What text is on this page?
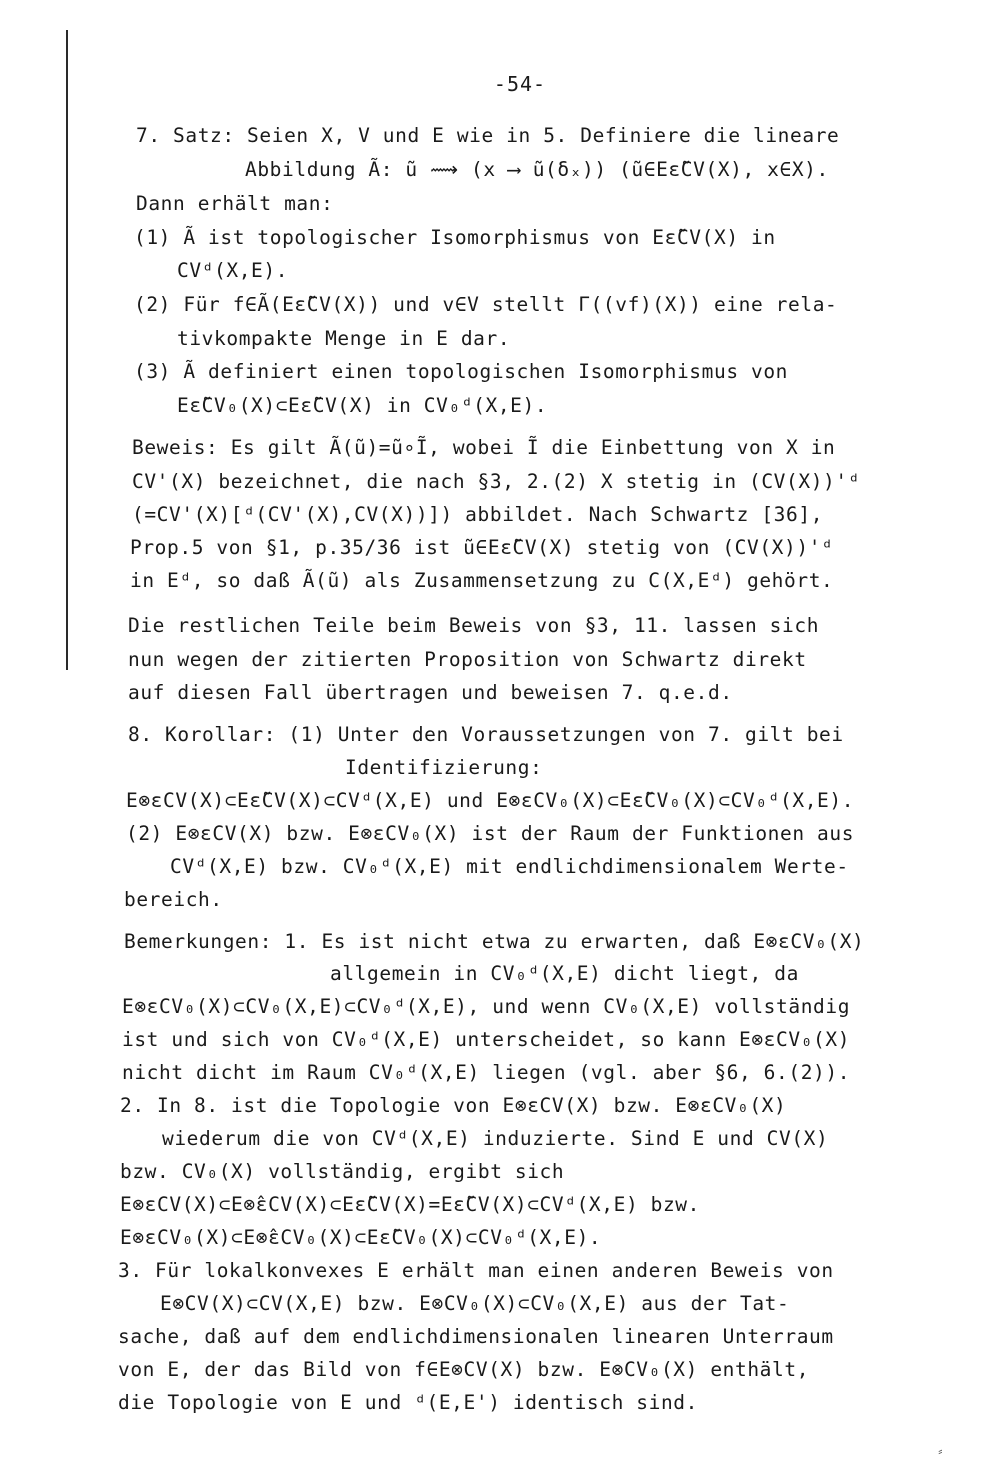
-54-
7. Satz: Seien X, V und E wie in 5. Definiere die lineare
Abbildung Ã: ũ ⟿ (x ⟶ ũ(δₓ)) (ũ∈Eε̃CV(X), x∈X).
Dann erhält man:
(1) Ã ist topologischer Isomorphismus von Eε̃CV(X) in
CVᵈ(X,E).
(2) Für f∈Ã(Eε̃CV(X)) und v∈V stellt Γ((vf)(X)) eine rela-
tivkompakte Menge in E dar.
(3) Ã definiert einen topologischen Isomorphismus von
Eε̃CV₀(X)⊂Eε̃CV(X) in CV₀ᵈ(X,E).
Beweis: Es gilt Ã(ũ)=ũ∘Ĩ, wobei Ĩ die Einbettung von X in
CV'(X) bezeichnet, die nach §3, 2.(2) X stetig in (CV(X))'ᵈ
(=CV'(X)[ᵈ(CV'(X),CV(X))]) abbildet. Nach Schwartz [36],
Prop.5 von §1, p.35/36 ist ũ∈Eε̃CV(X) stetig von (CV(X))'ᵈ
in Eᵈ, so daß Ã(ũ) als Zusammensetzung zu C(X,Eᵈ) gehört.
Die restlichen Teile beim Beweis von §3, 11. lassen sich
nun wegen der zitierten Proposition von Schwartz direkt
auf diesen Fall übertragen und beweisen 7. q.e.d.
8. Korollar: (1) Unter den Voraussetzungen von 7. gilt bei
Identifizierung:
E⊗εCV(X)⊂Eε̃CV(X)⊂CVᵈ(X,E) und E⊗εCV₀(X)⊂Eε̃CV₀(X)⊂CV₀ᵈ(X,E).
(2) E⊗εCV(X) bzw. E⊗εCV₀(X) ist der Raum der Funktionen aus
CVᵈ(X,E) bzw. CV₀ᵈ(X,E) mit endlichdimensionalem Werte-
bereich.
Bemerkungen: 1. Es ist nicht etwa zu erwarten, daß E⊗εCV₀(X)
allgemein in CV₀ᵈ(X,E) dicht liegt, da
E⊗εCV₀(X)⊂CV₀(X,E)⊂CV₀ᵈ(X,E), und wenn CV₀(X,E) vollständig
ist und sich von CV₀ᵈ(X,E) unterscheidet, so kann E⊗εCV₀(X)
nicht dicht im Raum CV₀ᵈ(X,E) liegen (vgl. aber §6, 6.(2)).
2. In 8. ist die Topologie von E⊗εCV(X) bzw. E⊗εCV₀(X)
wiederum die von CVᵈ(X,E) induzierte. Sind E und CV(X)
bzw. CV₀(X) vollständig, ergibt sich
E⊗εCV(X)⊂E⊗̂εCV(X)⊂Eε̃CV(X)=Eε̃CV(X)⊂CVᵈ(X,E) bzw.
E⊗εCV₀(X)⊂E⊗̂εCV₀(X)⊂Eε̃CV₀(X)⊂CV₀ᵈ(X,E).
3. Für lokalkonvexes E erhält man einen anderen Beweis von
E⊗CV(X)⊂CV(X,E) bzw. E⊗CV₀(X)⊂CV₀(X,E) aus der Tat-
sache, daß auf dem endlichdimensionalen linearen Unterraum
von E, der das Bild von f∈E⊗CV(X) bzw. E⊗CV₀(X) enthält,
die Topologie von E und ᵈ(E,E') identisch sind.
⸗
